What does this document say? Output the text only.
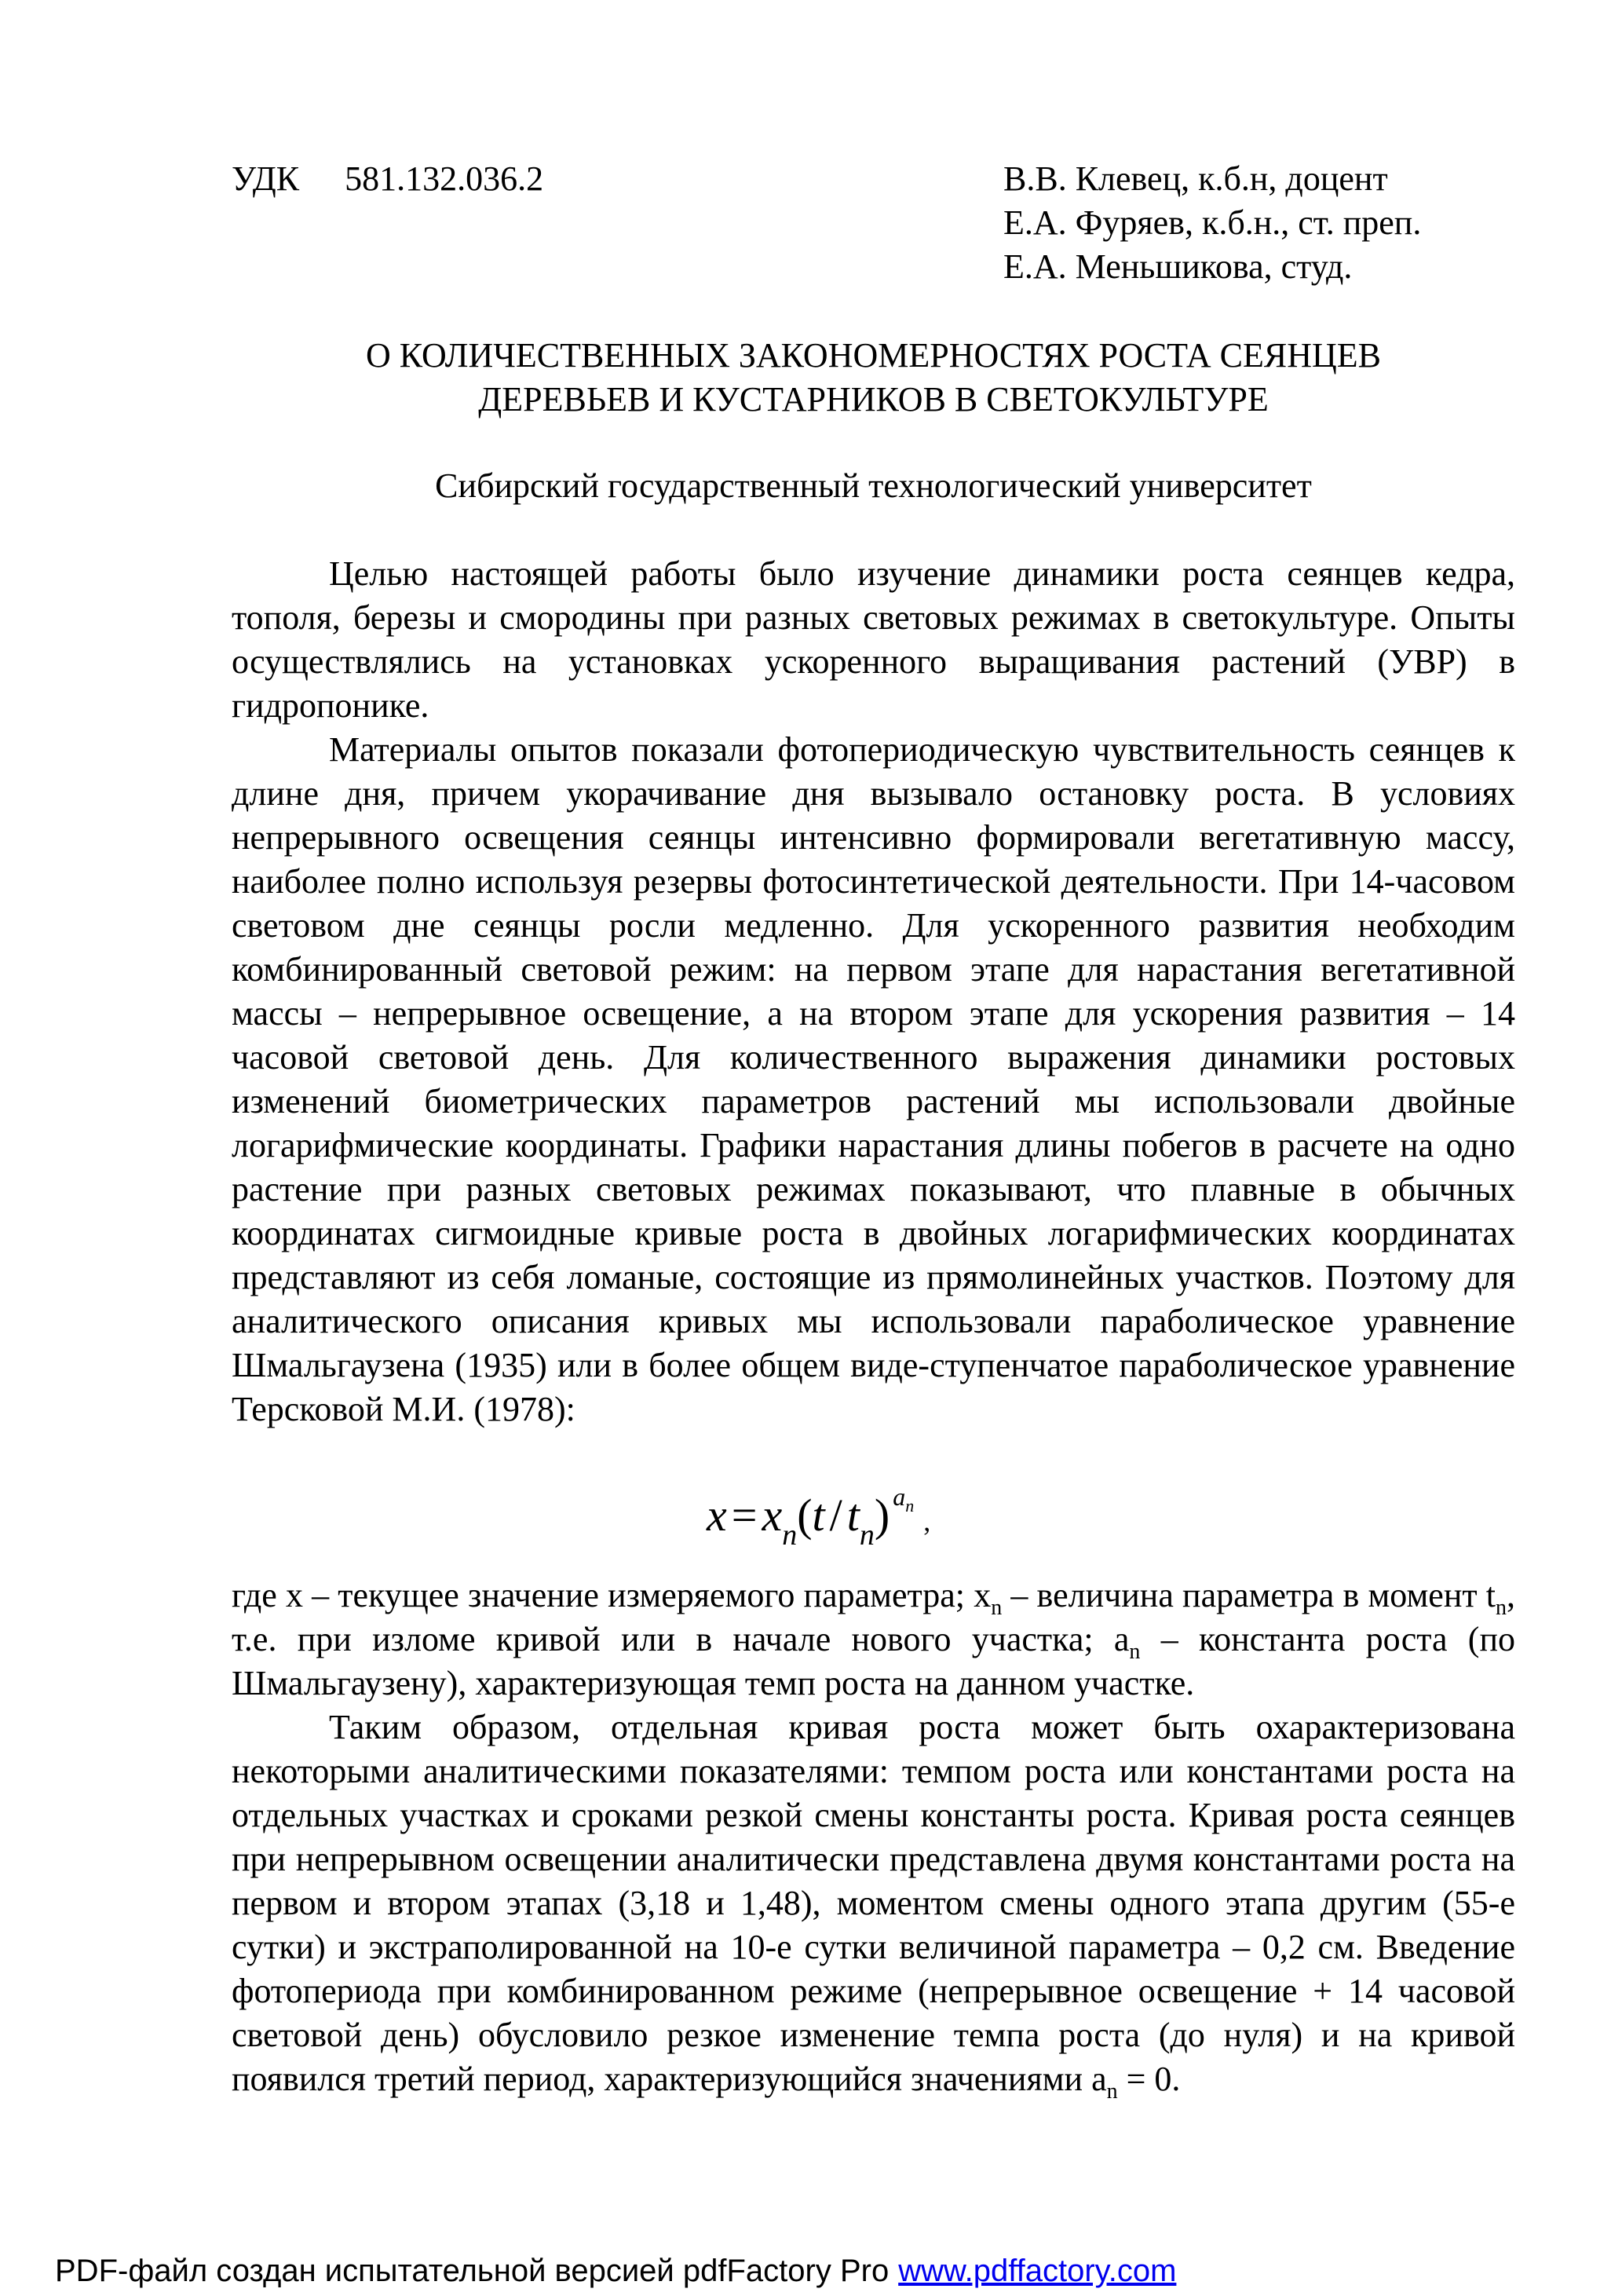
УДК 581.132.036.2	В.В. Клевец, к.б.н, доцент
Е.А. Фуряев, к.б.н., ст. преп.
Е.А. Меньшикова, студ.
О КОЛИЧЕСТВЕННЫХ ЗАКОНОМЕРНОСТЯХ РОСТА СЕЯНЦЕВ
ДЕРЕВЬЕВ И КУСТАРНИКОВ В СВЕТОКУЛЬТУРЕ
Сибирский государственный технологический университет

Целью настоящей работы было изучение динамики роста сеянцев кедра, тополя, березы и смородины при разных световых режимах в светокультуре. Опыты осуществлялись на установках ускоренного выращивания растений (УВР) в гидропонике.

Материалы опытов показали фотопериодическую чувствительность сеянцев к длине дня, причем укорачивание дня вызывало остановку роста. В условиях непрерывного освещения сеянцы интенсивно формировали вегетативную массу, наиболее полно используя резервы фотосинтетической деятельности. При 14-часовом световом дне сеянцы росли медленно. Для ускоренного развития необходим комбинированный световой режим: на первом этапе для нарастания вегетативной массы – непрерывное освещение, а на втором этапе для ускорения развития – 14 часовой световой день. Для количественного выражения динамики ростовых изменений биометрических параметров растений мы использовали двойные логарифмические координаты. Графики нарастания длины побегов в расчете на одно растение при разных световых режимах показывают, что плавные в обычных координатах сигмоидные кривые роста в двойных логарифмических координатах представляют из себя ломаные, состоящие из прямолинейных участков. Поэтому для аналитического описания кривых мы использовали параболическое уравнение Шмальгаузена (1935) или в более общем виде-ступенчатое параболическое уравнение Терсковой М.И. (1978):

$x = x_n(t / t_n)$ $^{a_n}$ ,

где x – текущее значение измеряемого параметра; $x_n$ – величина параметра в момент $t_n$, т.е. при изломе кривой или в начале нового участка; $a_n$ – константа роста (по Шмальгаузену), характеризующая темп роста на данном участке.

Таким образом, отдельная кривая роста может быть охарактеризована некоторыми аналитическими показателями: темпом роста или константами роста на отдельных участках и сроками резкой смены константы роста. Кривая роста сеянцев при непрерывном освещении аналитически представлена двумя константами роста на первом и втором этапах (3,18 и 1,48), моментом смены одного этапа другим (55-е сутки) и экстраполированной на 10-е сутки величиной параметра – 0,2 см. Введение фотопериода при комбинированном режиме (непрерывное освещение + 14 часовой световой день) обусловило резкое изменение темпа роста (до нуля) и на кривой появился третий период, характеризующийся значениями $a_n = 0$.

PDF-файл создан испытательной версией pdfFactory Pro www.pdffactory.com
